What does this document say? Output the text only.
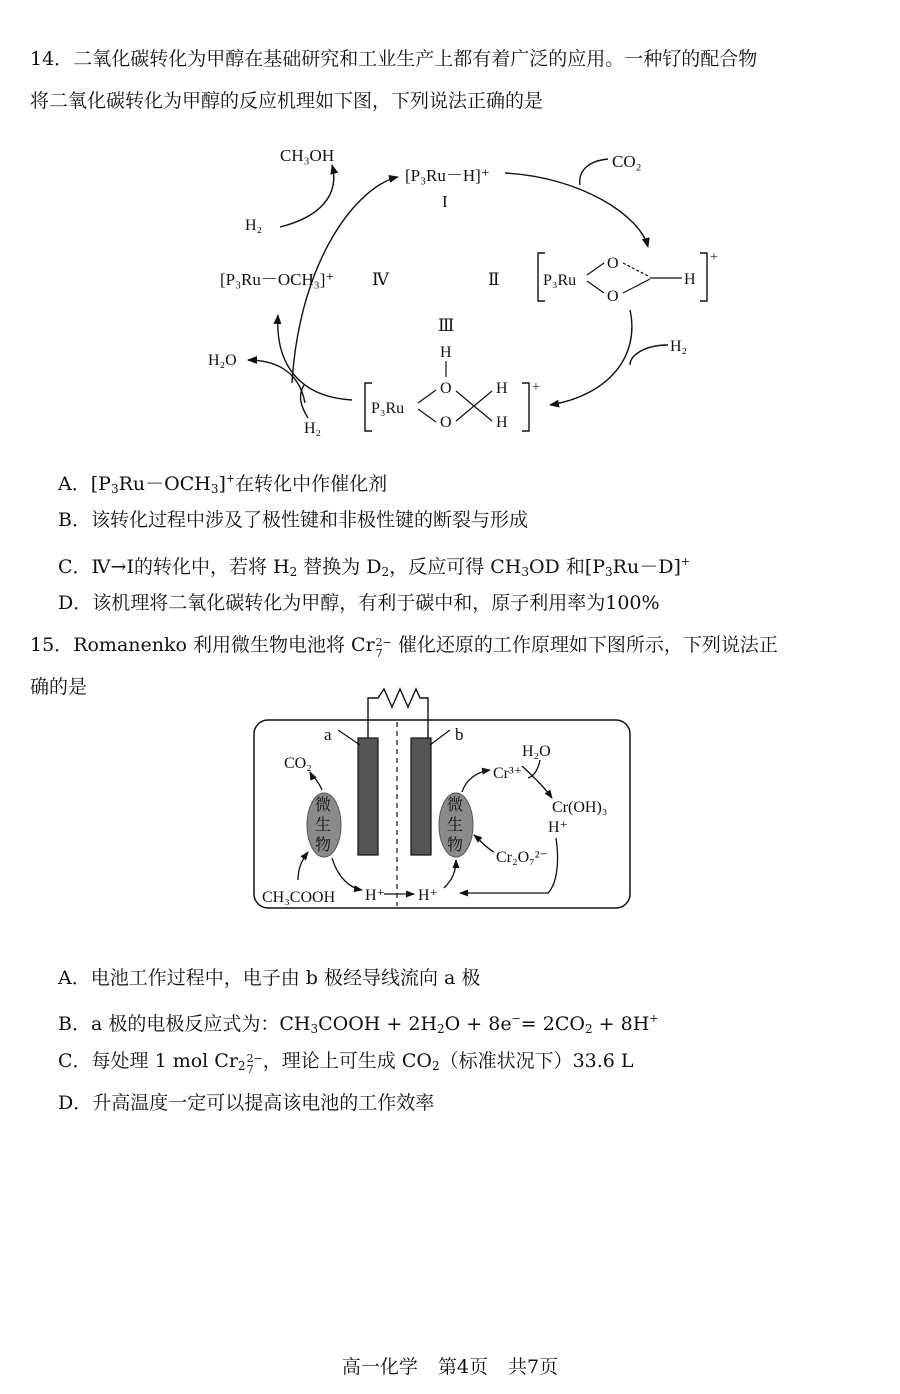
14．二氧化碳转化为甲醇在基础研究和工业生产上都有着广泛的应用。一种钌的配合物
将二氧化碳转化为甲醇的反应机理如下图，下列说法正确的是
CH₃OH
[P₃Ru－H]⁺
I
CO₂
H₂
[P₃Ru－OCH₃]⁺ Ⅳ	Ⅱ	P₃Ru
O
O
H
+
Ⅲ
H₂
H₂O	H
O
O
P₃Ru
H
H
+
H₂
A．$[P_3Ru-OCH_3]^+$在转化中作催化剂
B．该转化过程中涉及了极性键和非极性键的断裂与形成
C．Ⅳ→I的转化中，若将 $H_2$ 替换为 $D_2$，反应可得 $CH_3OD$ 和$[P_3Ru-D]^+$
D．该机理将二氧化碳转化为甲醇，有利于碳中和，原子利用率为100%
15．Romanenko 利用微生物电池将 Cr 2−
7 催化还原的工作原理如下图所示，下列说法正
确的是
a	b
微
生
物
微
生
物
CO₂
CH₃COOH H⁺ H⁺
H₂O
Cr³⁺
Cr(OH)₃
H⁺
Cr₂O₇²⁻
A．电池工作过程中，电子由 b 极经导线流向 a 极
B．a 极的电极反应式为：$CH_3COOH + 2H_2O + 8e^-= 2CO_2 + 8H^+$
C．每处理 1 mol $Cr_2$
2−
7 ，理论上可生成 $CO_2$（标准状况下）33.6 L
D．升高温度一定可以提高该电池的工作效率
高一化学 第4页 共7页
